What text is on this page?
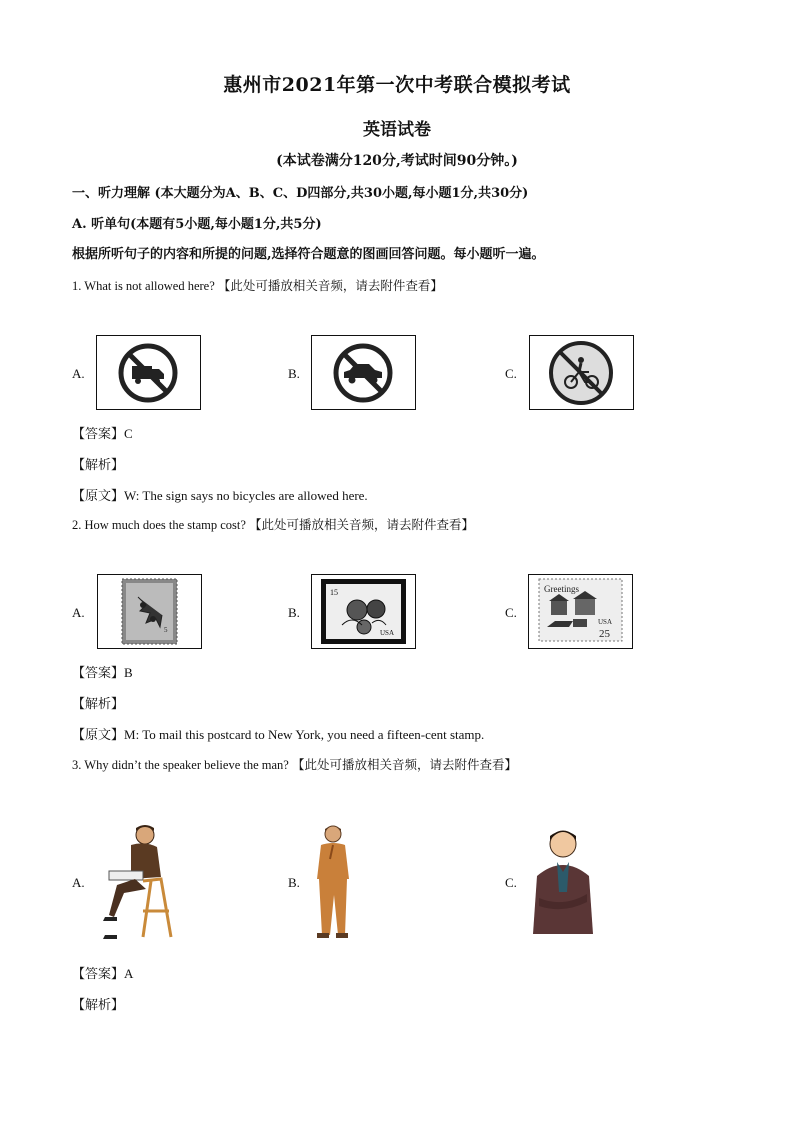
惠州市2021年第一次中考联合模拟考试
英语试卷
(本试卷满分120分,考试时间90分钟。)
一、听力理解 (本大题分为A、B、C、D四部分,共30小题,每小题1分,共30分)
A. 听单句(本题有5小题,每小题1分,共5分)
根据所听句子的内容和所提的问题,选择符合题意的图画回答问题。每小题听一遍。
1. What is not allowed here? 【此处可播放相关音频，请去附件查看】
A.	B.	C.
【答案】C
【解析】
【原文】W: The sign says no bicycles are allowed here.
2. How much does the stamp cost? 【此处可播放相关音频，请去附件查看】
A.
5
B.
15
USA
C.
Greetings
USA
25
【答案】B
【解析】
【原文】M: To mail this postcard to New York, you need a fifteen-cent stamp.
3. Why didn’t the speaker believe the man? 【此处可播放相关音频，请去附件查看】
A.	B.	C.
【答案】A
【解析】
